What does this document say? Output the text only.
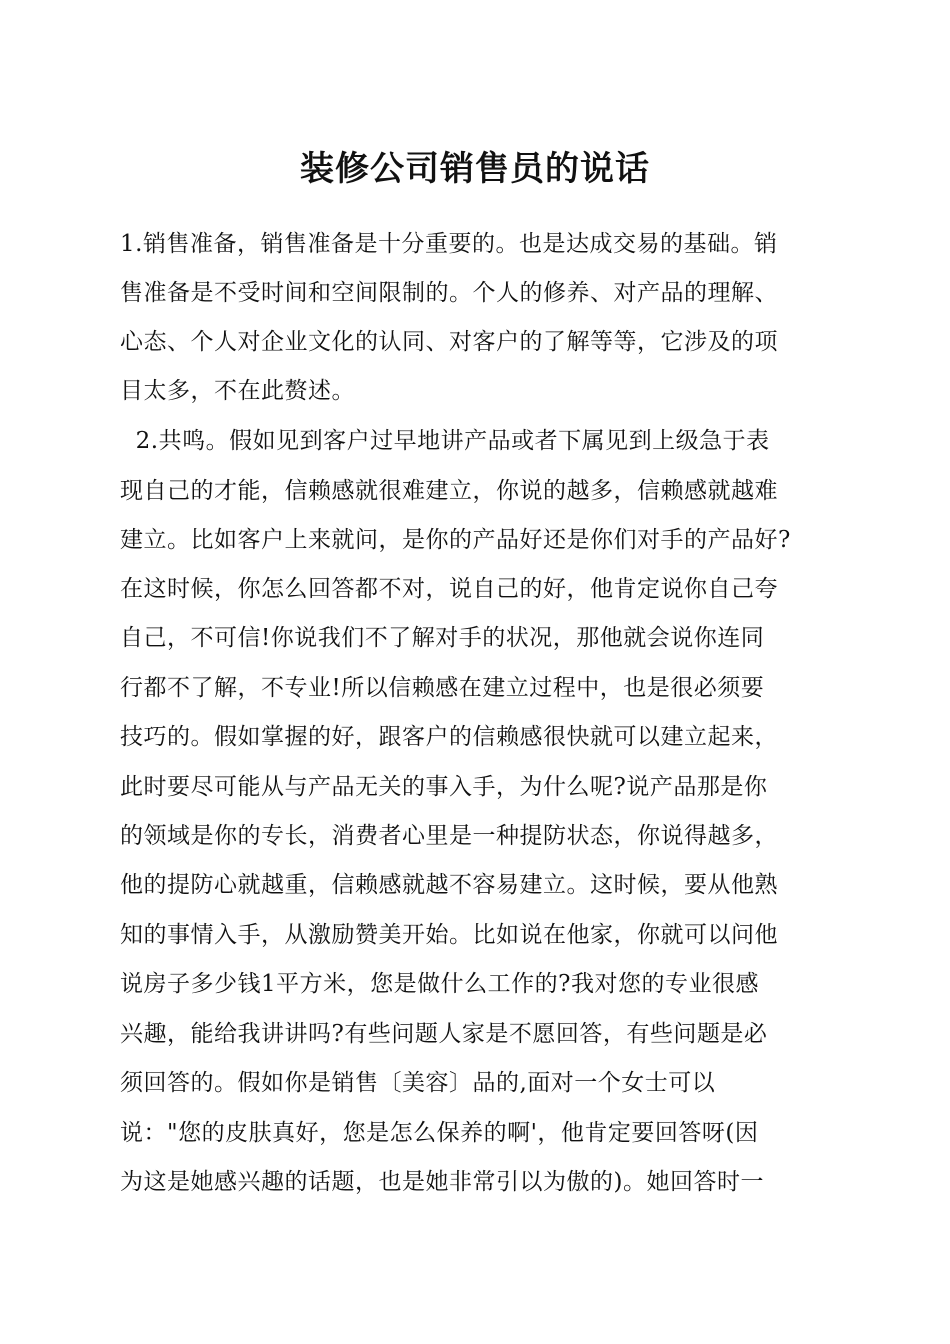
装修公司销售员的说话
1.销售准备，销售准备是十分重要的。也是达成交易的基础。销
售准备是不受时间和空间限制的。个人的修养、对产品的理解、
心态、个人对企业文化的认同、对客户的了解等等，它涉及的项
目太多，不在此赘述。
2.共鸣。假如见到客户过早地讲产品或者下属见到上级急于表
现自己的才能，信赖感就很难建立，你说的越多，信赖感就越难
建立。比如客户上来就问，是你的产品好还是你们对手的产品好?
在这时候，你怎么回答都不对，说自己的好，他肯定说你自己夸
自己，不可信!你说我们不了解对手的状况，那他就会说你连同
行都不了解，不专业!所以信赖感在建立过程中，也是很必须要
技巧的。假如掌握的好，跟客户的信赖感很快就可以建立起来，
此时要尽可能从与产品无关的事入手，为什么呢?说产品那是你
的领域是你的专长，消费者心里是一种提防状态，你说得越多，
他的提防心就越重，信赖感就越不容易建立。这时候，要从他熟
知的事情入手，从激励赞美开始。比如说在他家，你就可以问他
说房子多少钱1平方米，您是做什么工作的?我对您的专业很感
兴趣，能给我讲讲吗?有些问题人家是不愿回答，有些问题是必
须回答的。假如你是销售〔美容〕品的,面对一个女士可以
说："您的皮肤真好，您是怎么保养的啊'，他肯定要回答呀(因
为这是她感兴趣的话题，也是她非常引以为傲的)。她回答时一
